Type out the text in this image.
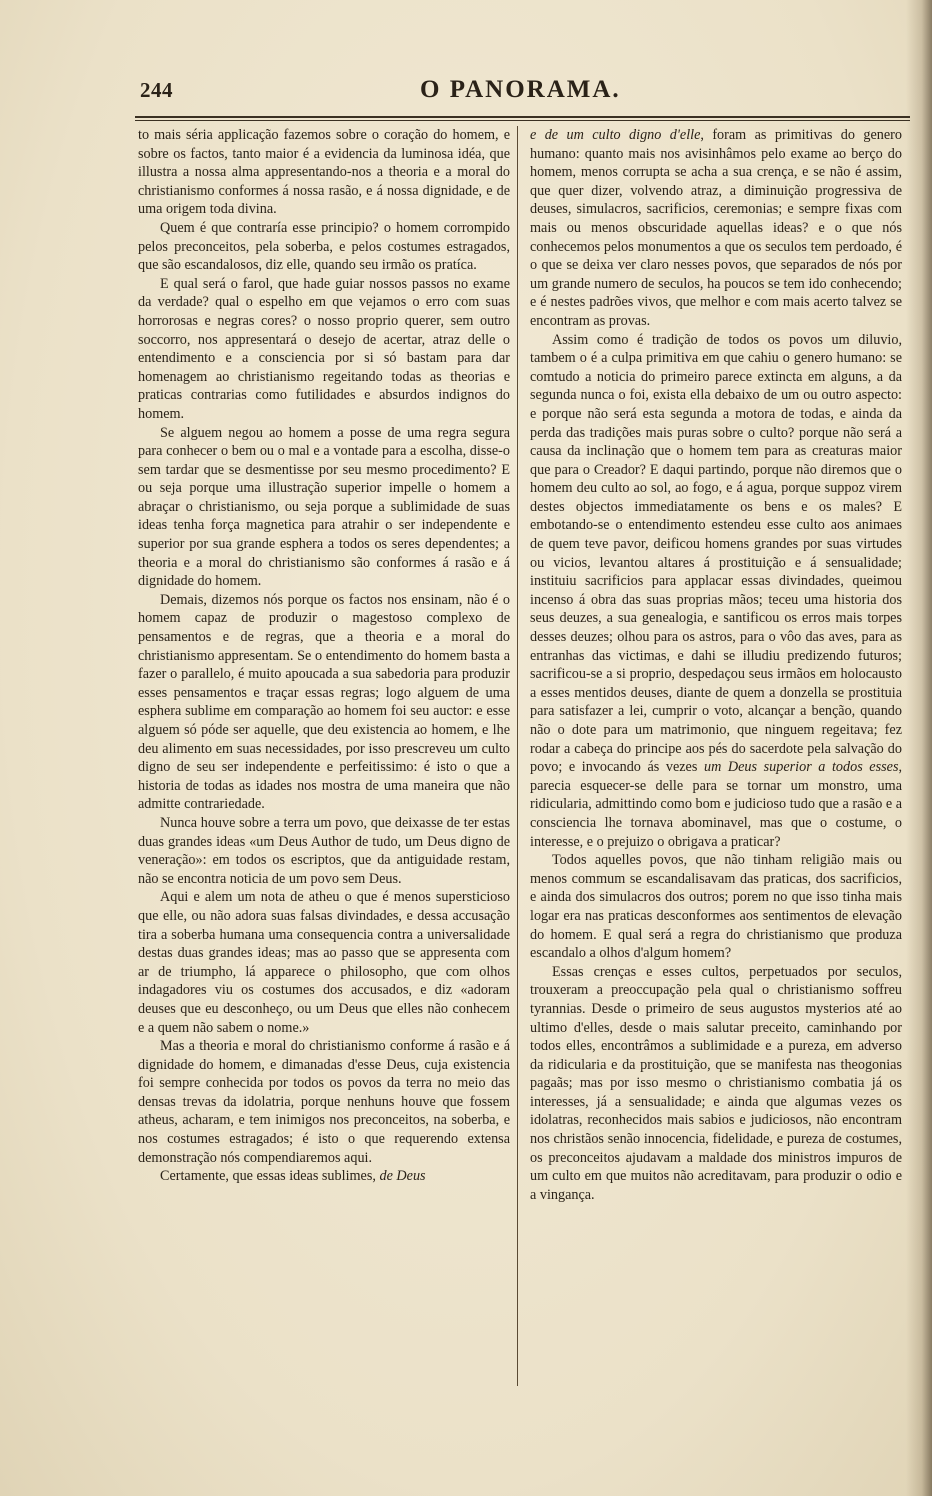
244	O PANORAMA.

to mais séria applicação fazemos sobre o coração do homem, e sobre os factos, tanto maior é a evidencia da luminosa idéa, que illustra a nossa alma appresentando-nos a theoria e a moral do christianismo conformes á nossa rasão, e á nossa dignidade, e de uma origem toda divina.

Quem é que contraría esse principio? o homem corrompido pelos preconceitos, pela soberba, e pelos costumes estragados, que são escandalosos, diz elle, quando seu irmão os pratíca.

E qual será o farol, que hade guiar nossos passos no exame da verdade? qual o espelho em que vejamos o erro com suas horrorosas e negras cores? o nosso proprio querer, sem outro soccorro, nos appresentará o desejo de acertar, atraz delle o entendimento e a consciencia por si só bastam para dar homenagem ao christianismo regeitando todas as theorias e praticas contrarias como futilidades e absurdos indignos do homem.

Se alguem negou ao homem a posse de uma regra segura para conhecer o bem ou o mal e a vontade para a escolha, disse-o sem tardar que se desmentisse por seu mesmo procedimento? E ou seja porque uma illustração superior impelle o homem a abraçar o christianismo, ou seja porque a sublimidade de suas ideas tenha força magnetica para atrahir o ser independente e superior por sua grande esphera a todos os seres dependentes; a theoria e a moral do christianismo são conformes á rasão e á dignidade do homem.

Demais, dizemos nós porque os factos nos ensinam, não é o homem capaz de produzir o magestoso complexo de pensamentos e de regras, que a theoria e a moral do christianismo appresentam. Se o entendimento do homem basta a fazer o parallelo, é muito apoucada a sua sabedoria para produzir esses pensamentos e traçar essas regras; logo alguem de uma esphera sublime em comparação ao homem foi seu auctor: e esse alguem só póde ser aquelle, que deu existencia ao homem, e lhe deu alimento em suas necessidades, por isso prescreveu um culto digno de seu ser independente e perfeitissimo: é isto o que a historia de todas as idades nos mostra de uma maneira que não admitte contrariedade.

Nunca houve sobre a terra um povo, que deixasse de ter estas duas grandes ideas «um Deus Author de tudo, um Deus digno de veneração»: em todos os escriptos, que da antiguidade restam, não se encontra noticia de um povo sem Deus.

Aqui e alem um nota de atheu o que é menos supersticioso que elle, ou não adora suas falsas divindades, e dessa accusação tira a soberba humana uma consequencia contra a universalidade destas duas grandes ideas; mas ao passo que se appresenta com ar de triumpho, lá apparece o philosopho, que com olhos indagadores viu os costumes dos accusados, e diz «adoram deuses que eu desconheço, ou um Deus que elles não conhecem e a quem não sabem o nome.»

Mas a theoria e moral do christianismo conforme á rasão e á dignidade do homem, e dimanadas d'esse Deus, cuja existencia foi sempre conhecida por todos os povos da terra no meio das densas trevas da idolatria, porque nenhuns houve que fossem atheus, acharam, e tem inimigos nos preconceitos, na soberba, e nos costumes estragados; é isto o que requerendo extensa demonstração nós compendiaremos aqui.

Certamente, que essas ideas sublimes, de Deus

e de um culto digno d'elle, foram as primitivas do genero humano: quanto mais nos avisinhâmos pelo exame ao berço do homem, menos corrupta se acha a sua crença, e se não é assim, que quer dizer, volvendo atraz, a diminuição progressiva de deuses, simulacros, sacrificios, ceremonias; e sempre fixas com mais ou menos obscuridade aquellas ideas? e o que nós conhecemos pelos monumentos a que os seculos tem perdoado, é o que se deixa ver claro nesses povos, que separados de nós por um grande numero de seculos, ha poucos se tem ido conhecendo; e é nestes padrões vivos, que melhor e com mais acerto talvez se encontram as provas.

Assim como é tradição de todos os povos um diluvio, tambem o é a culpa primitiva em que cahiu o genero humano: se comtudo a noticia do primeiro parece extincta em alguns, a da segunda nunca o foi, exista ella debaixo de um ou outro aspecto: e porque não será esta segunda a motora de todas, e ainda da perda das tradições mais puras sobre o culto? porque não será a causa da inclinação que o homem tem para as creaturas maior que para o Creador? E daqui partindo, porque não diremos que o homem deu culto ao sol, ao fogo, e á agua, porque suppoz virem destes objectos immediatamente os bens e os males? E embotando-se o entendimento estendeu esse culto aos animaes de quem teve pavor, deificou homens grandes por suas virtudes ou vicios, levantou altares á prostituição e á sensualidade; instituiu sacrificios para applacar essas divindades, queimou incenso á obra das suas proprias mãos; teceu uma historia dos seus deuzes, a sua genealogia, e santificou os erros mais torpes desses deuzes; olhou para os astros, para o vôo das aves, para as entranhas das victimas, e dahi se illudiu predizendo futuros; sacrificou-se a si proprio, despedaçou seus irmãos em holocausto a esses mentidos deuses, diante de quem a donzella se prostituia para satisfazer a lei, cumprir o voto, alcançar a benção, quando não o dote para um matrimonio, que ninguem regeitava; fez rodar a cabeça do principe aos pés do sacerdote pela salvação do povo; e invocando ás vezes um Deus superior a todos esses, parecia esquecer-se delle para se tornar um monstro, uma ridicularia, admittindo como bom e judicioso tudo que a rasão e a consciencia lhe tornava abominavel, mas que o costume, o interesse, e o prejuizo o obrigava a praticar?

Todos aquelles povos, que não tinham religião mais ou menos commum se escandalisavam das praticas, dos sacrificios, e ainda dos simulacros dos outros; porem no que isso tinha mais logar era nas praticas desconformes aos sentimentos de elevação do homem. E qual será a regra do christianismo que produza escandalo a olhos d'algum homem?

Essas crenças e esses cultos, perpetuados por seculos, trouxeram a preoccupação pela qual o christianismo soffreu tyrannias. Desde o primeiro de seus augustos mysterios até ao ultimo d'elles, desde o mais salutar preceito, caminhando por todos elles, encontrâmos a sublimidade e a pureza, em adverso da ridicularia e da prostituição, que se manifesta nas theogonias pagaãs; mas por isso mesmo o christianismo combatia já os interesses, já a sensualidade; e ainda que algumas vezes os idolatras, reconhecidos mais sabios e judiciosos, não encontram nos christãos senão innocencia, fidelidade, e pureza de costumes, os preconceitos ajudavam a maldade dos ministros impuros de um culto em que muitos não acreditavam, para produzir o odio e a vingança.
